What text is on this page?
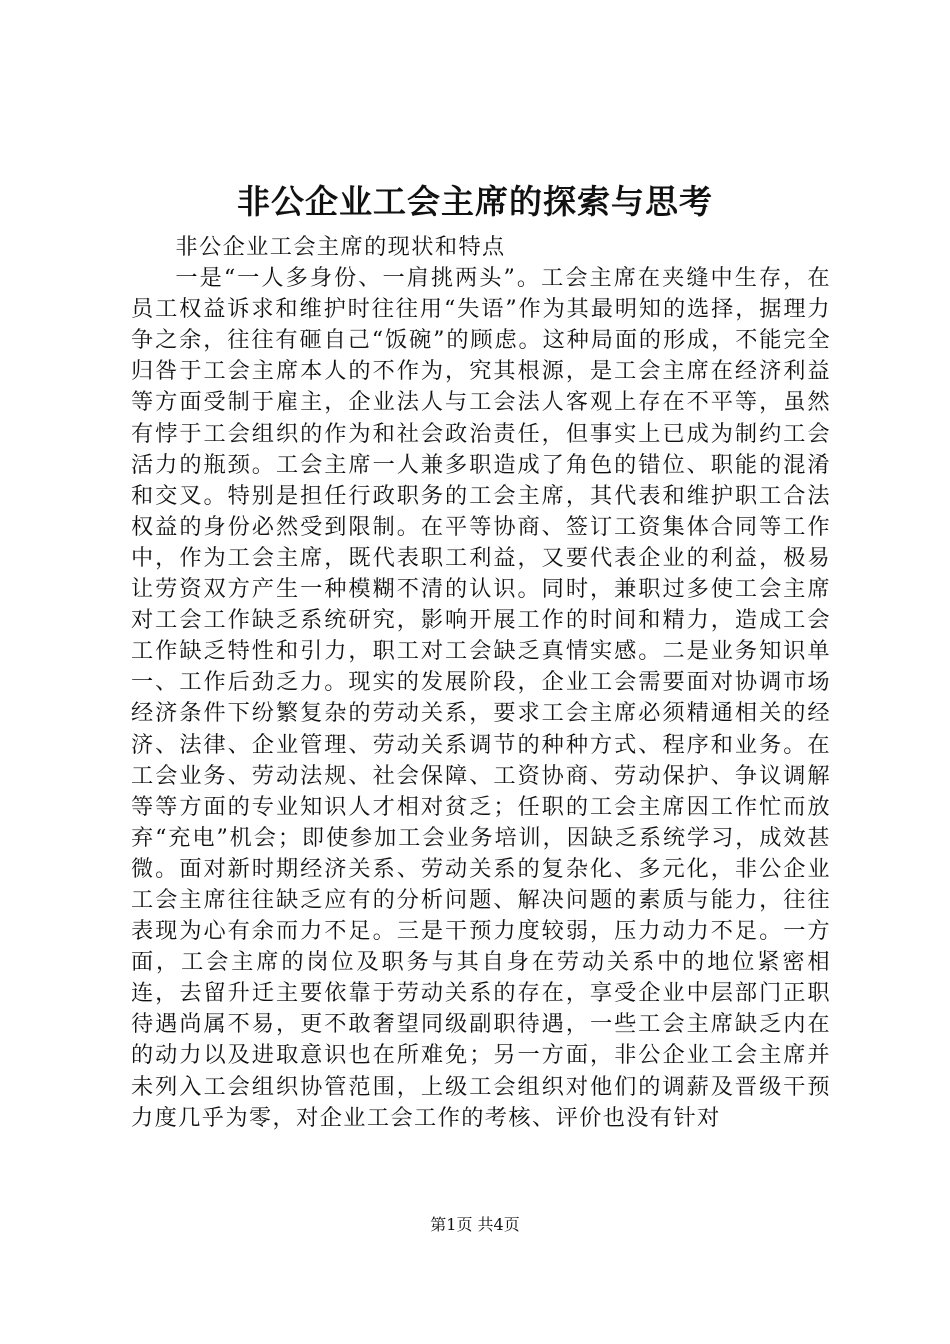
非公企业工会主席的探索与思考

非公企业工会主席的现状和特点

一是“一人多身份、一肩挑两头”。工会主席在夹缝中生存，在员工权益诉求和维护时往往用“失语”作为其最明知的选择，据理力争之余，往往有砸自己“饭碗”的顾虑。这种局面的形成，不能完全归咎于工会主席本人的不作为，究其根源，是工会主席在经济利益等方面受制于雇主，企业法人与工会法人客观上存在不平等，虽然有悖于工会组织的作为和社会政治责任，但事实上已成为制约工会活力的瓶颈。工会主席一人兼多职造成了角色的错位、职能的混淆和交叉。特别是担任行政职务的工会主席，其代表和维护职工合法权益的身份必然受到限制。在平等协商、签订工资集体合同等工作中，作为工会主席，既代表职工利益，又要代表企业的利益，极易让劳资双方产生一种模糊不清的认识。同时，兼职过多使工会主席对工会工作缺乏系统研究，影响开展工作的时间和精力，造成工会工作缺乏特性和引力，职工对工会缺乏真情实感。二是业务知识单一、工作后劲乏力。现实的发展阶段，企业工会需要面对协调市场经济条件下纷繁复杂的劳动关系，要求工会主席必须精通相关的经济、法律、企业管理、劳动关系调节的种种方式、程序和业务。在工会业务、劳动法规、社会保障、工资协商、劳动保护、争议调解等等方面的专业知识人才相对贫乏；任职的工会主席因工作忙而放弃“充电”机会；即使参加工会业务培训，因缺乏系统学习，成效甚微。面对新时期经济关系、劳动关系的复杂化、多元化，非公企业工会主席往往缺乏应有的分析问题、解决问题的素质与能力，往往表现为心有余而力不足。三是干预力度较弱，压力动力不足。一方面，工会主席的岗位及职务与其自身在劳动关系中的地位紧密相连，去留升迁主要依靠于劳动关系的存在，享受企业中层部门正职待遇尚属不易，更不敢奢望同级副职待遇，一些工会主席缺乏内在的动力以及进取意识也在所难免；另一方面，非公企业工会主席并未列入工会组织协管范围，上级工会组织对他们的调薪及晋级干预力度几乎为零，对企业工会工作的考核、评价也没有针对

第1页 共4页
